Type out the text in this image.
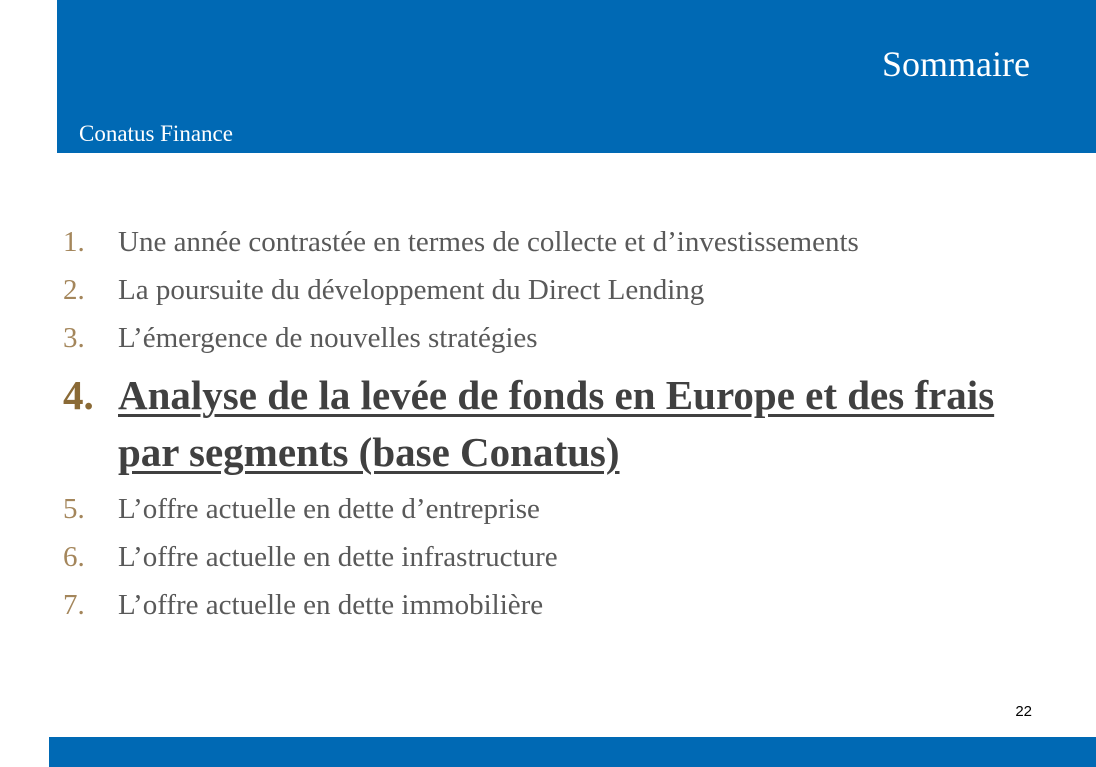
Sommaire
Conatus Finance
1.	Une année contrastée en termes de collecte et d’investissements
2.	La poursuite du développement du Direct Lending
3.	L’émergence de nouvelles stratégies
4. Analyse de la levée de fonds en Europe et des frais par segments (base Conatus)
5.	L’offre actuelle en dette d’entreprise
6.	L’offre actuelle en dette infrastructure
7.	L’offre actuelle en dette immobilière
22
